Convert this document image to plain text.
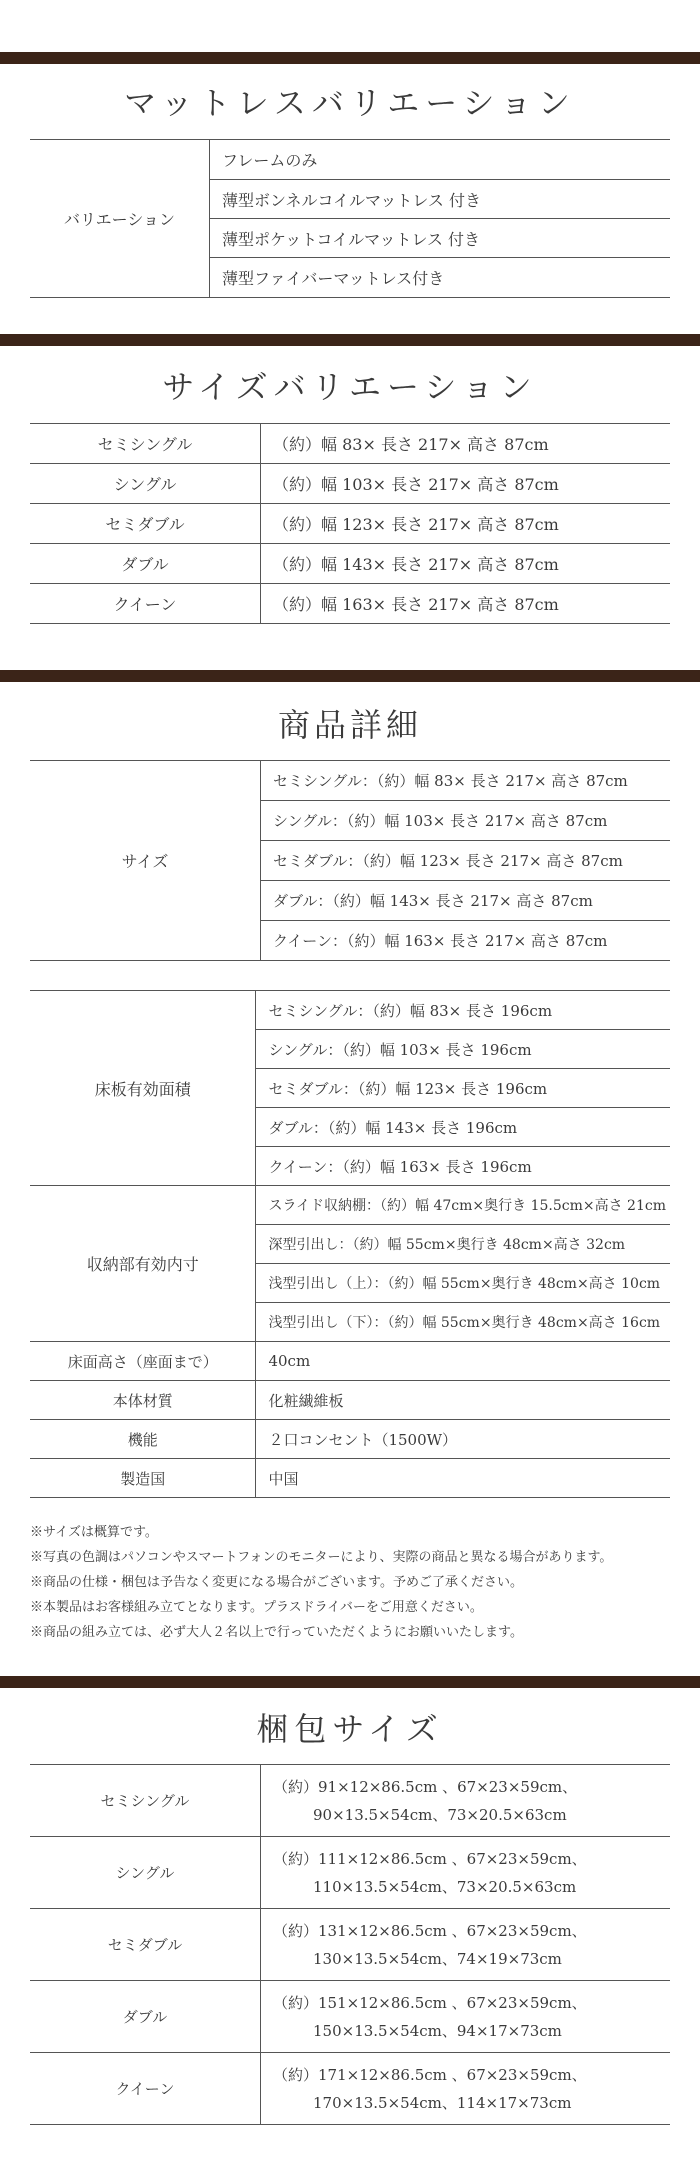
マットレスバリエーション
バリエーション	フレームのみ
薄型ボンネルコイルマットレス 付き
薄型ポケットコイルマットレス 付き
薄型ファイバーマットレス付き
サイズバリエーション
セミシングル	（約）幅 83× 長さ 217× 高さ 87cm
シングル	（約）幅 103× 長さ 217× 高さ 87cm
セミダブル	（約）幅 123× 長さ 217× 高さ 87cm
ダブル	（約）幅 143× 長さ 217× 高さ 87cm
クイーン	（約）幅 163× 長さ 217× 高さ 87cm
商品詳細
サイズ	セミシングル：（約）幅 83× 長さ 217× 高さ 87cm
シングル：（約）幅 103× 長さ 217× 高さ 87cm
セミダブル：（約）幅 123× 長さ 217× 高さ 87cm
ダブル：（約）幅 143× 長さ 217× 高さ 87cm
クイーン：（約）幅 163× 長さ 217× 高さ 87cm
床板有効面積	セミシングル：（約）幅 83× 長さ 196cm
	シングル：（約）幅 103× 長さ 196cm
	セミダブル：（約）幅 123× 長さ 196cm
	ダブル：（約）幅 143× 長さ 196cm
	クイーン：（約）幅 163× 長さ 196cm
収納部有効内寸	スライド収納棚：（約）幅 47cm×奥行き 15.5cm×高さ 21cm
	深型引出し：（約）幅 55cm×奥行き 48cm×高さ 32cm
	浅型引出し（上）：（約）幅 55cm×奥行き 48cm×高さ 10cm
	浅型引出し（下）：（約）幅 55cm×奥行き 48cm×高さ 16cm
床面高さ（座面まで）	40cm
本体材質	化粧繊維板
機能	２口コンセント（1500W）
製造国	中国
※サイズは概算です。
※写真の色調はパソコンやスマートフォンのモニターにより、実際の商品と異なる場合があります。
※商品の仕様・梱包は予告なく変更になる場合がございます。予めご了承ください。
※本製品はお客様組み立てとなります。プラスドライバーをご用意ください。
※商品の組み立ては、必ず大人２名以上で行っていただくようにお願いいたします。
梱包サイズ
セミシングル	（約）91×12×86.5cm 、67×23×59cm、
90×13.5×54cm、73×20.5×63cm

シングル	（約）111×12×86.5cm 、67×23×59cm、
110×13.5×54cm、73×20.5×63cm

セミダブル	（約）131×12×86.5cm 、67×23×59cm、
130×13.5×54cm、74×19×73cm

ダブル	（約）151×12×86.5cm 、67×23×59cm、
150×13.5×54cm、94×17×73cm

クイーン	（約）171×12×86.5cm 、67×23×59cm、
170×13.5×54cm、114×17×73cm
